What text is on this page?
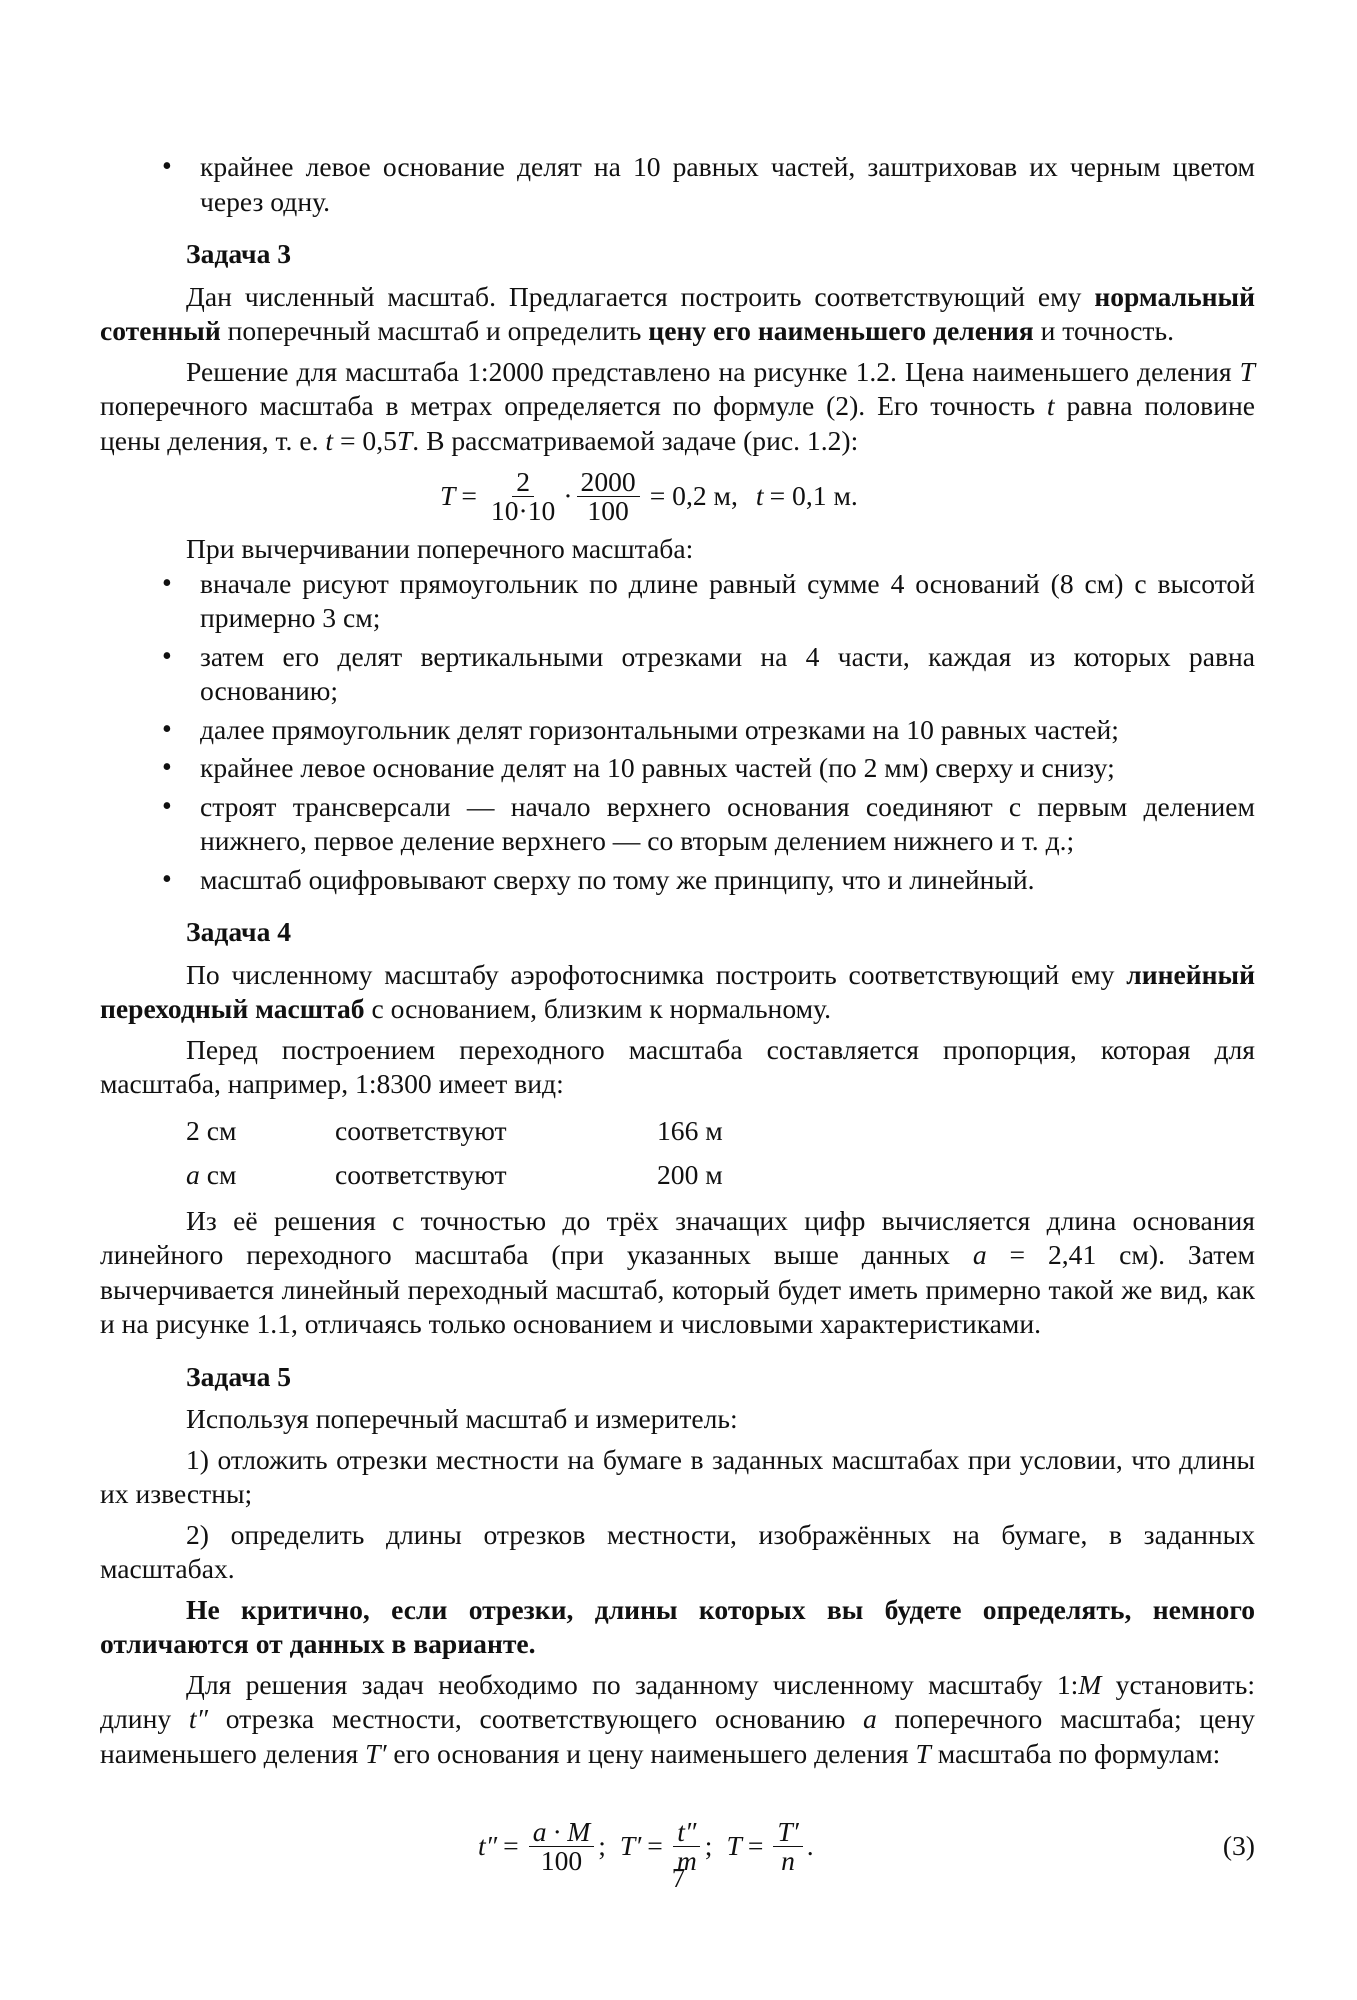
• крайнее левое основание делят на 10 равных частей, заштриховав их черным цветом через одну.

Задача 3

Дан численный масштаб. Предлагается построить соответствующий ему нормальный сотенный поперечный масштаб и определить цену его наименьшего деления и точность.

Решение для масштаба 1:2000 представлено на рисунке 1.2. Цена наименьшего деления T поперечного масштаба в метрах определяется по формуле (2). Его точность t равна половине цены деления, т. е. t = 0,5T. В рассматриваемой задаче (рис. 1.2):

$T = \frac{2}{10\cdot 10} \cdot \frac{2000}{100} = 0,2$ м, t = 0,1 м.

При вычерчивании поперечного масштаба:

• вначале рисуют прямоугольник по длине равный сумме 4 оснований (8 см) с высотой примерно 3 см;
• затем его делят вертикальными отрезками на 4 части, каждая из которых равна основанию;
• далее прямоугольник делят горизонтальными отрезками на 10 равных частей;
• крайнее левое основание делят на 10 равных частей (по 2 мм) сверху и снизу;
• строят трансверсали — начало верхнего основания соединяют с первым делением нижнего, первое деление верхнего — со вторым делением нижнего и т. д.;
• масштаб оцифровывают сверху по тому же принципу, что и линейный.

Задача 4

По численному масштабу аэрофотоснимка построить соответствующий ему линейный переходный масштаб с основанием, близким к нормальному.

Перед построением переходного масштаба составляется пропорция, которая для масштаба, например, 1:8300 имеет вид:

2 см	соответствуют	166 м
a см	соответствуют	200 м

Из её решения с точностью до трёх значащих цифр вычисляется длина основания линейного переходного масштаба (при указанных выше данных a = 2,41 см). Затем вычерчивается линейный переходный масштаб, который будет иметь примерно такой же вид, как и на рисунке 1.1, отличаясь только основанием и числовыми характеристиками.

Задача 5

Используя поперечный масштаб и измеритель:

1) отложить отрезки местности на бумаге в заданных масштабах при условии, что длины их известны;

2) определить длины отрезков местности, изображённых на бумаге, в заданных масштабах.

Не критично, если отрезки, длины которых вы будете определять, немного отличаются от данных в варианте.

Для решения задач необходимо по заданному численному масштабу 1:M установить: длину t″ отрезка местности, соответствующего основанию a поперечного масштаба; цену наименьшего деления T′ его основания и цену наименьшего деления T масштаба по формулам:

$t'' = \frac{a \cdot M}{100}$ ; $T' = \frac{t''}{m}$ ; $T = \frac{T'}{n}$ .	(3)
7
